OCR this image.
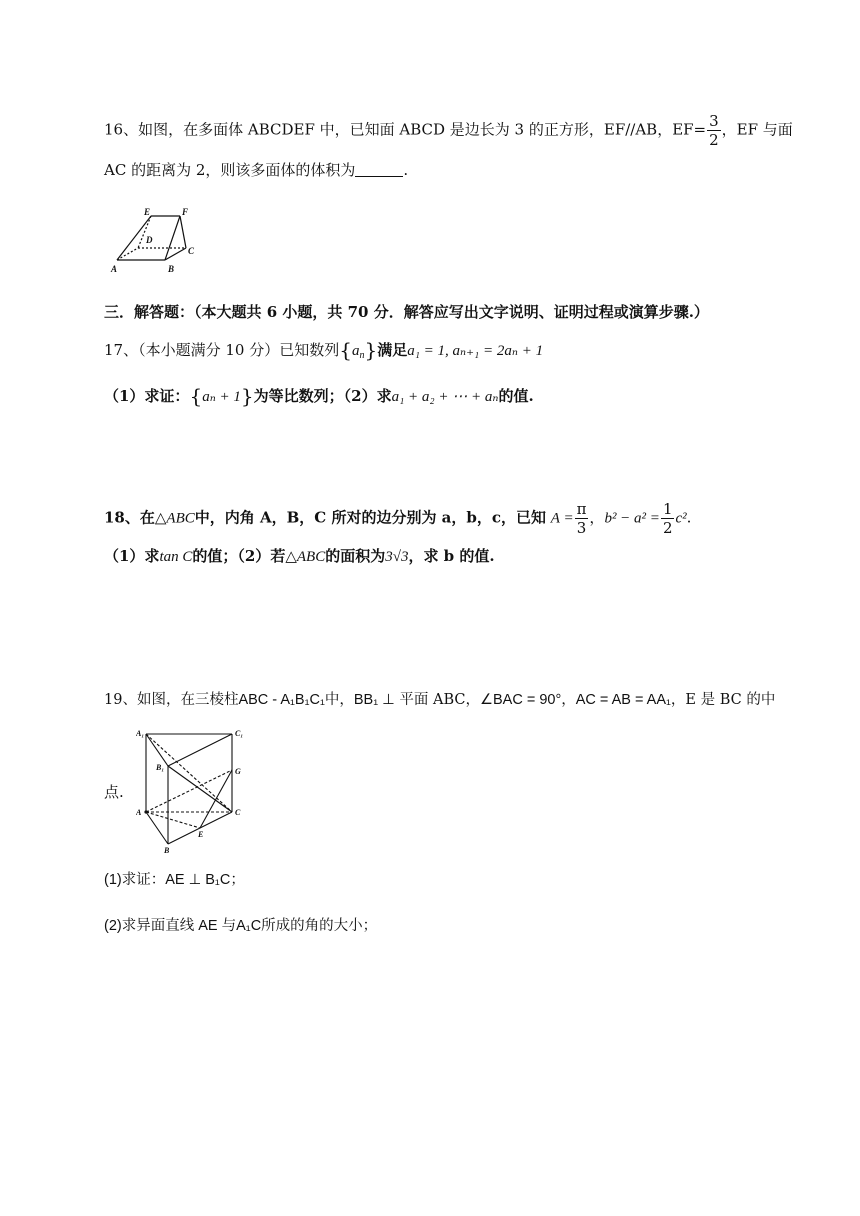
16、如图，在多面体 ABCDEF 中，已知面 ABCD 是边长为 3 的正方形，EF//AB，$EF= \frac{3}{2}$ ，EF 与面
AC 的距离为 2，则该多面体的体积为	.
E	F
D
C
A	B
三．解答题：（本大题共 6 小题，共 70 分．解答应写出文字说明、证明过程或演算步骤.）
17、（本小题满分 10 分）已知数列$\{a_n\}$满足a₁ = 1, aₙ₊₁ = 2aₙ + 1
（1）求证：{aₙ + 1}为等比数列；（2）求a₁ + a₂ + ⋯ + aₙ的值.
18、在△ABC中，内角 A，B，C 所对的边分别为 a，b，c，已知 $A = \frac{\pi}{3}$ ，$b^2 - a^2 = \frac{1}{2} c^2$.
（1）求tan C的值；（2）若△ABC的面积为3√3，求 b 的值.
19、如图，在三棱柱ABC - A₁B₁C₁中，BB₁ ⊥ 平面 ABC，∠BAC = 90°，AC = AB = AA₁，E 是 BC 的中
点.
A₁	C₁
B₁	G
A	C
E
B
(1)求证：AE ⊥ B₁C；
(2)求异面直线 AE 与A₁C所成的角的大小；
